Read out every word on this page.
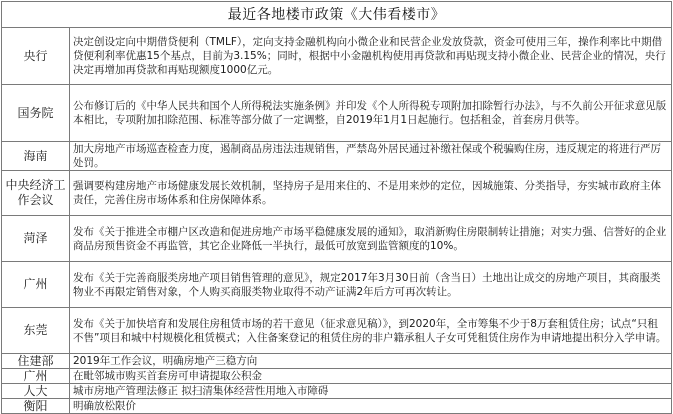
最近各地楼市政策《大伟看楼市》
央行	决定创设定向中期借贷便利（TMLF），定向支持金融机构向小微企业和民营企业发放贷款，资金可使用三年，操作利率比中期借贷便利利率优惠15个基点，目前为3.15%；同时，根据中小金融机构使用再贷款和再贴现支持小微企业、民营企业的情况，央行决定再增加再贷款和再贴现额度1000亿元。
国务院	公布修订后的《中华人民共和国个人所得税法实施条例》并印发《个人所得税专项附加扣除暂行办法》，与不久前公开征求意见版本相比，专项附加扣除范围、标准等部分做了一定调整，自2019年1月1日起施行。包括租金，首套房月供等。
海南	加大房地产市场巡查检查力度，遏制商品房违法违规销售，严禁岛外居民通过补缴社保或个税骗购住房，违反规定的将进行严厉处罚。
中央经济工作会议	强调要构建房地产市场健康发展长效机制，坚持房子是用来住的、不是用来炒的定位，因城施策、分类指导，夯实城市政府主体责任，完善住房市场体系和住房保障体系。
菏泽	发布《关于推进全市棚户区改造和促进房地产市场平稳健康发展的通知》，取消新购住房限制转让措施；对实力强、信誉好的企业商品房预售资金不再监管，其它企业降低一半执行，最低可放宽到监管额度的10%。
广州	发布《关于完善商服类房地产项目销售管理的意见》，规定2017年3月30日前（含当日）土地出让成交的房地产项目，其商服类物业不再限定销售对象，个人购买商服类物业取得不动产证满2年后方可再次转让。
东莞	发布《关于加快培育和发展住房租赁市场的若干意见（征求意见稿）》，到2020年，全市筹集不少于8万套租赁住房；试点“只租不售”项目和城中村规模化租赁模式；入住备案登记的租赁住房的非户籍承租人子女可凭租赁住房作为申请地提出积分入学申请。
住建部	2019年工作会议，明确房地产三稳方向
广州	在毗邻城市购买首套房可申请提取公积金
人大	城市房地产管理法修正 拟扫清集体经营性用地入市障碍
衡阳	明确放松限价
